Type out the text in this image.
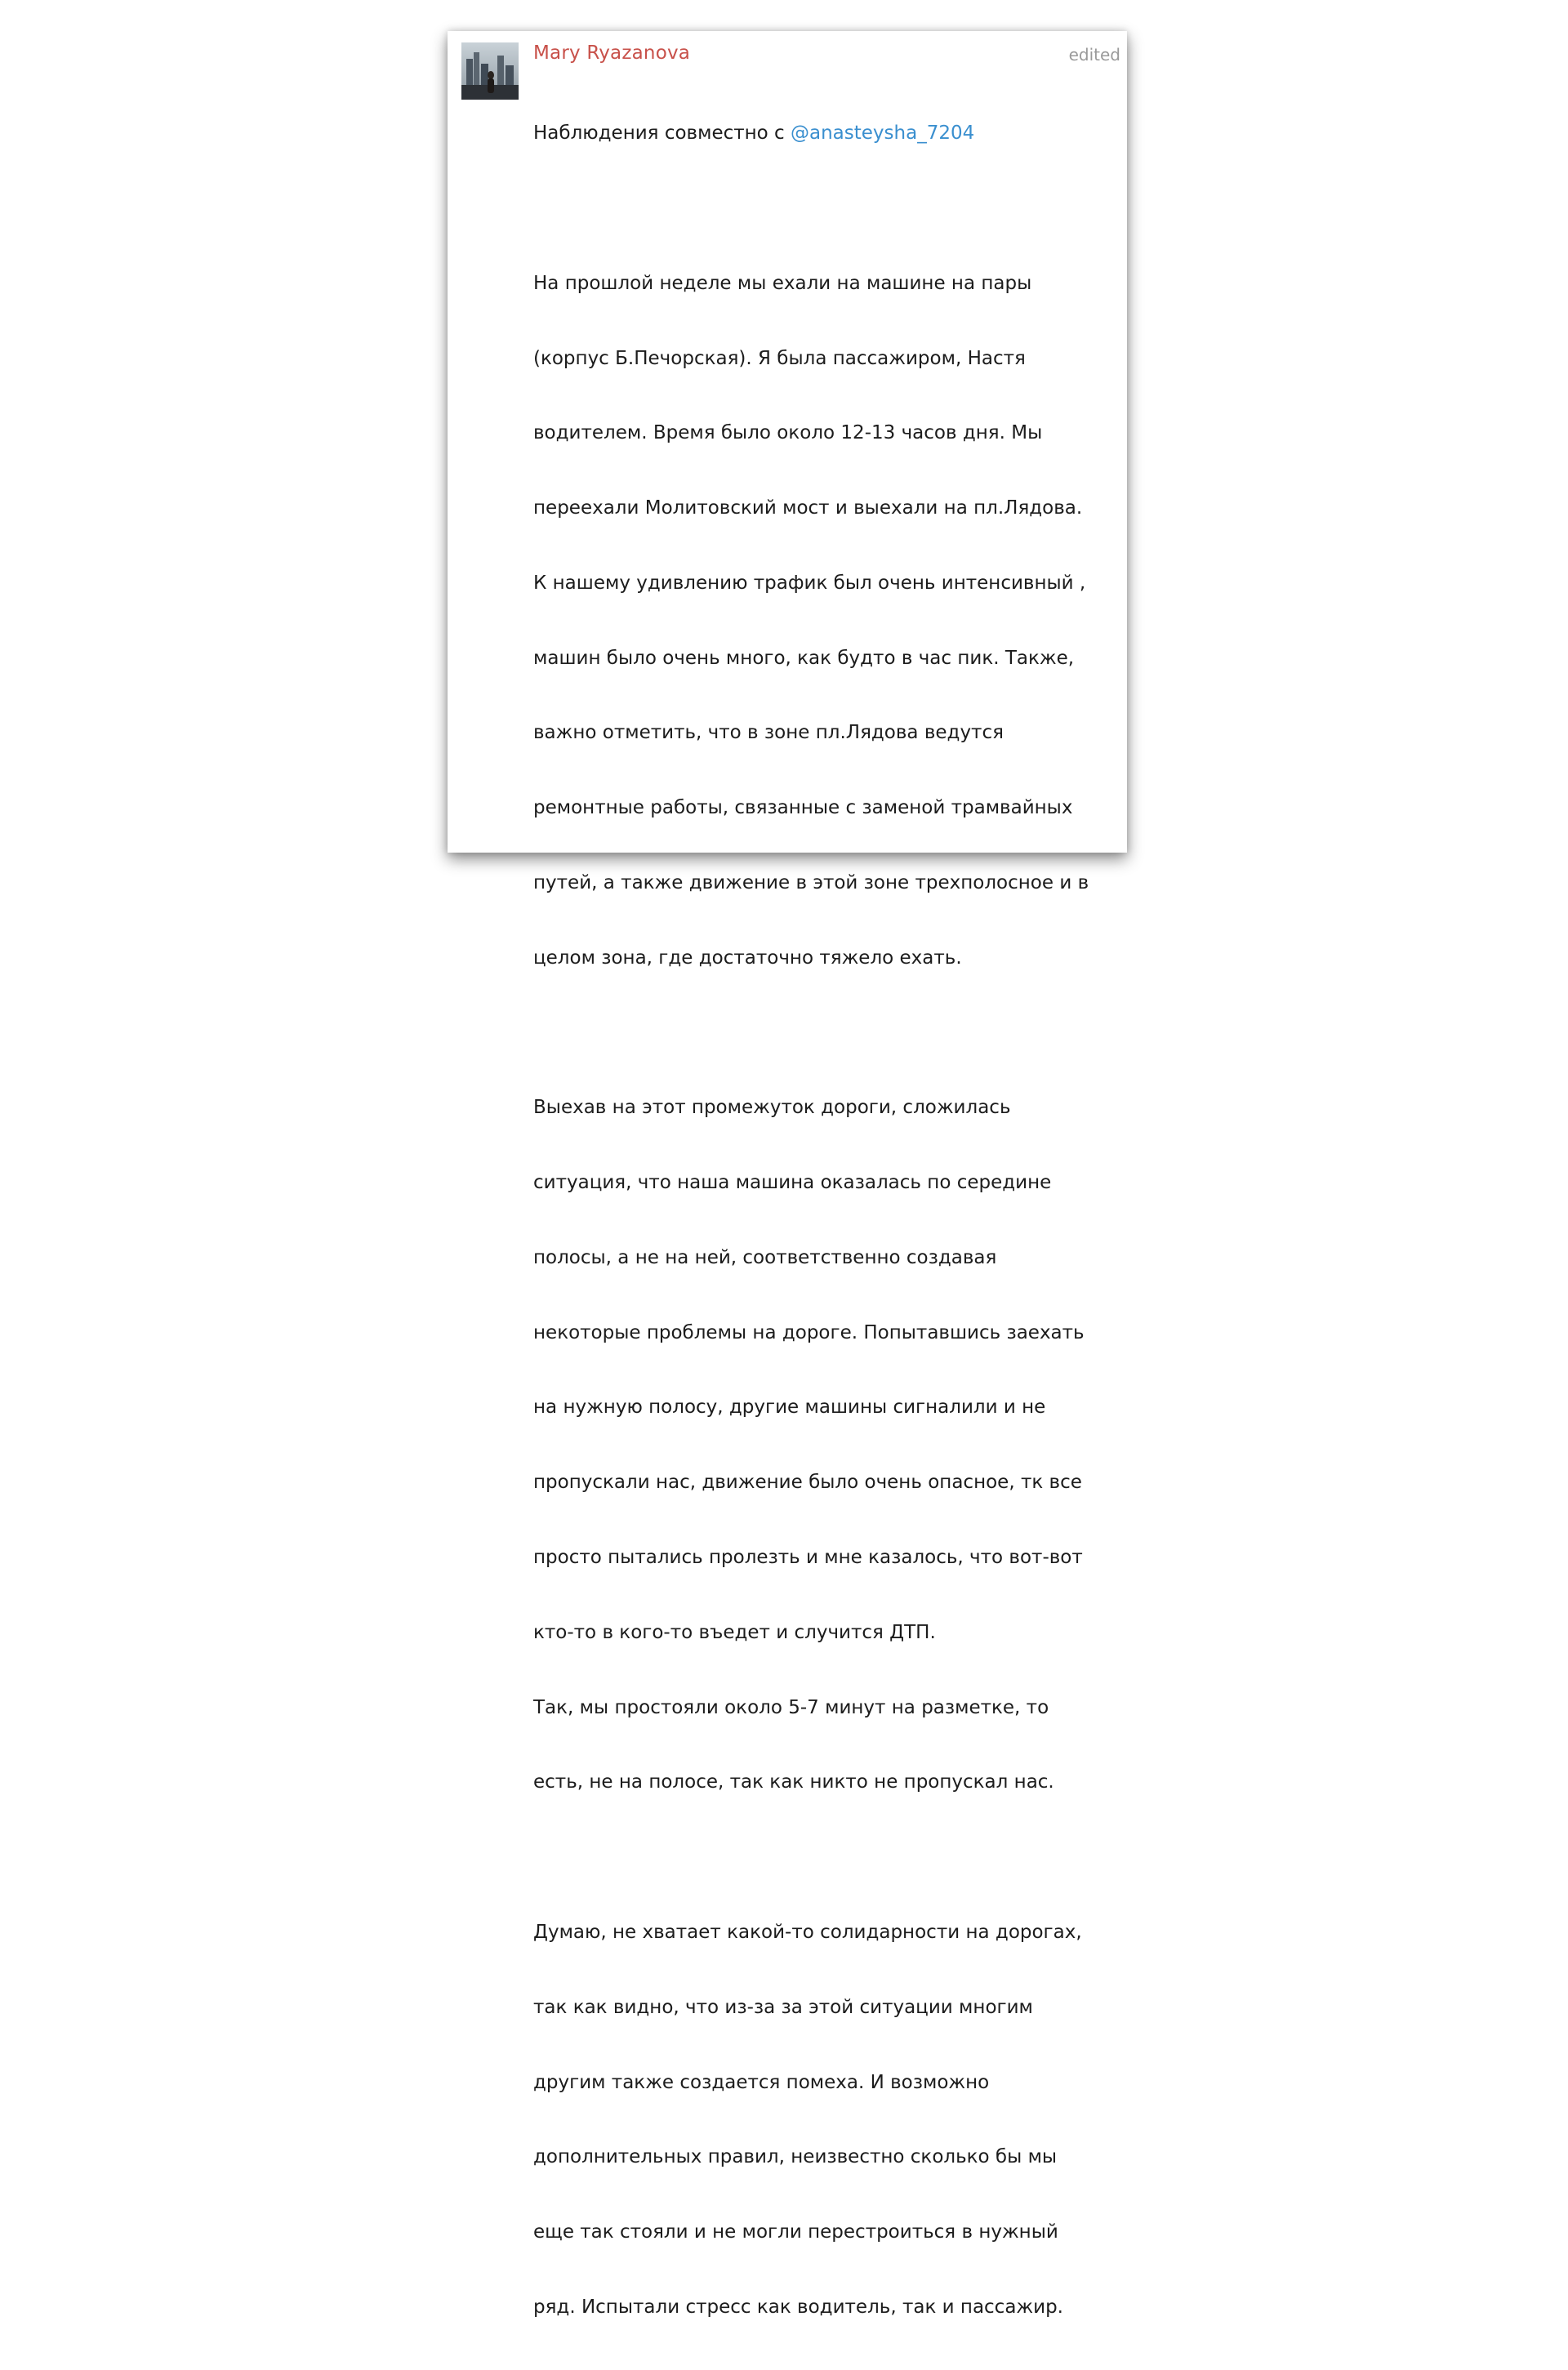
Mary Ryazanova	edited

Наблюдения совместно с @anasteysha_7204

На прошлой неделе мы ехали на машине на пары

(корпус Б.Печорская). Я была пассажиром, Настя

водителем. Время было около 12-13 часов дня. Мы

переехали Молитовский мост и выехали на пл.Лядова.

К нашему удивлению трафик был очень интенсивный ,

машин было очень много, как будто в час пик. Также,

важно отметить, что в зоне пл.Лядова ведутся

ремонтные работы, связанные с заменой трамвайных

путей, а также движение в этой зоне трехполосное и в

целом зона, где достаточно тяжело ехать.

Выехав на этот промежуток дороги, сложилась

ситуация, что наша машина оказалась по середине

полосы, а не на ней, соответственно создавая

некоторые проблемы на дороге. Попытавшись заехать

на нужную полосу, другие машины сигналили и не

пропускали нас, движение было очень опасное, тк все

просто пытались пролезть и мне казалось, что вот-вот

кто-то в кого-то въедет и случится ДТП.

Так, мы простояли около 5-7 минут на разметке, то

есть, не на полосе, так как никто не пропускал нас.

Думаю, не хватает какой-то солидарности на дорогах,

так как видно, что из-за за этой ситуации многим

другим также создается помеха. И возможно

дополнительных правил, неизвестно сколько бы мы

еще так стояли и не могли перестроиться в нужный

ряд. Испытали стресс как водитель, так и пассажир.
